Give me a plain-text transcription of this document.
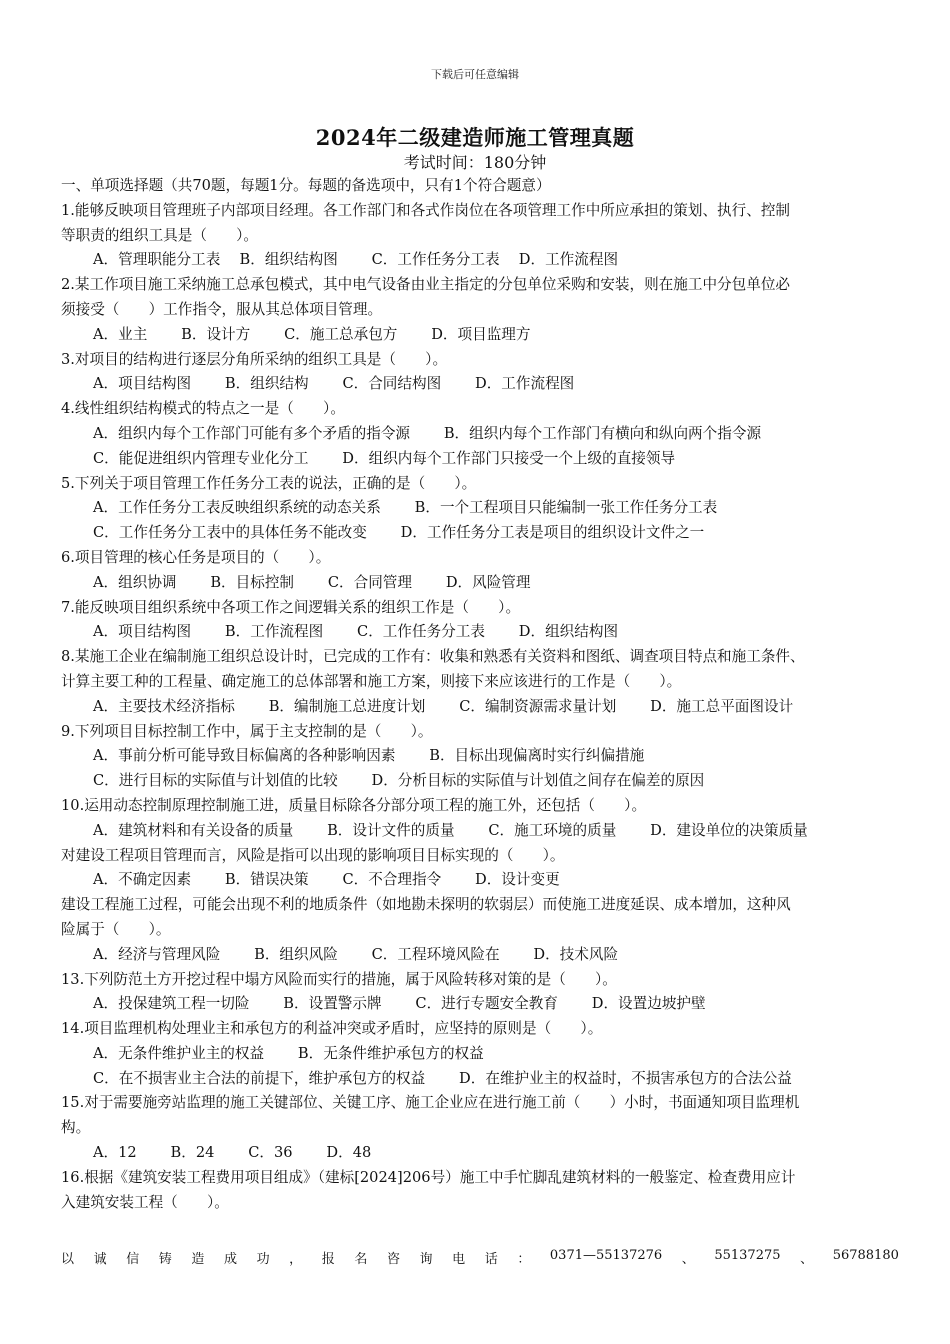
下载后可任意编辑
2024年二级建造师施工管理真题
考试时间：180分钟
一、单项选择题（共70题，每题1分。每题的备选项中，只有1个符合题意）
1.能够反映项目管理班子内部项目经理。各工作部门和各式作岗位在各项管理工作中所应承担的策划、执行、控制
等职责的组织工具是（　　）。
A．管理职能分工表　 B．组织结构图　　 C．工作任务分工表　 D．工作流程图
2.某工作项目施工采纳施工总承包模式，其中电气设备由业主指定的分包单位采购和安装，则在施工中分包单位必
须接受（　　）工作指令，服从其总体项目管理。
A．业主　　 B．设计方　　 C．施工总承包方　　 D．项目监理方
3.对项目的结构进行逐层分角所采纳的组织工具是（　　）。
A．项目结构图　　 B．组织结构　　 C．合同结构图　　 D．工作流程图
4.线性组织结构模式的特点之一是（　　）。
A．组织内每个工作部门可能有多个矛盾的指令源　　 B．组织内每个工作部门有横向和纵向两个指令源
C．能促进组织内管理专业化分工　　 D．组织内每个工作部门只接受一个上级的直接领导
5.下列关于项目管理工作任务分工表的说法，正确的是（　　）。
A．工作任务分工表反映组织系统的动态关系　　 B．一个工程项目只能编制一张工作任务分工表
C．工作任务分工表中的具体任务不能改变　　 D．工作任务分工表是项目的组织设计文件之一
6.项目管理的核心任务是项目的（　　）。
A．组织协调　　 B．目标控制　　 C．合同管理　　 D．风险管理
7.能反映项目组织系统中各项工作之间逻辑关系的组织工作是（　　）。
A．项目结构图　　 B．工作流程图　　 C．工作任务分工表　　 D．组织结构图
8.某施工企业在编制施工组织总设计时，已完成的工作有：收集和熟悉有关资料和图纸、调查项目特点和施工条件、
计算主要工种的工程量、确定施工的总体部署和施工方案，则接下来应该进行的工作是（　　）。
A．主要技术经济指标　　 B．编制施工总进度计划　　 C．编制资源需求量计划　　 D．施工总平面图设计
9.下列项目目标控制工作中，属于主支控制的是（　　）。
A．事前分析可能导致目标偏离的各种影响因素　　 B．目标出现偏离时实行纠偏措施
C．进行目标的实际值与计划值的比较　　 D．分析目标的实际值与计划值之间存在偏差的原因
10.运用动态控制原理控制施工进，质量目标除各分部分项工程的施工外，还包括（　　）。
A．建筑材料和有关设备的质量　　 B．设计文件的质量　　 C．施工环境的质量　　 D．建设单位的决策质量
对建设工程项目管理而言，风险是指可以出现的影响项目目标实现的（　　）。
A．不确定因素　　 B．错误决策　　 C．不合理指令　　 D．设计变更
建设工程施工过程，可能会出现不利的地质条件（如地勘未探明的软弱层）而使施工进度延误、成本增加，这种风
险属于（　　）。
A．经济与管理风险　　 B．组织风险　　 C．工程环境风险在　　 D．技术风险
13.下列防范土方开挖过程中塌方风险而实行的措施，属于风险转移对策的是（　　）。
A．投保建筑工程一切险　　 B．设置警示牌　　 C．进行专题安全教育　　 D．设置边坡护壁
14.项目监理机构处理业主和承包方的利益冲突或矛盾时，应坚持的原则是（　　）。
A．无条件维护业主的权益　　 B．无条件维护承包方的权益
C．在不损害业主合法的前提下，维护承包方的权益　　 D．在维护业主的权益时，不损害承包方的合法公益
15.对于需要施旁站监理的施工关键部位、关键工序、施工企业应在进行施工前（　　）小时，书面通知项目监理机
构。
A．12　　 B．24　　 C．36　　 D．48
16.根据《建筑安装工程费用项目组成》（建标[2024]206号）施工中手忙脚乱建筑材料的一般鉴定、检查费用应计
入建筑安装工程（　　）。
以 诚 信 铸 造 成 功 ， 报 名 咨 询 电 话 ： 0371—55137276 、 55137275 、 56788180
